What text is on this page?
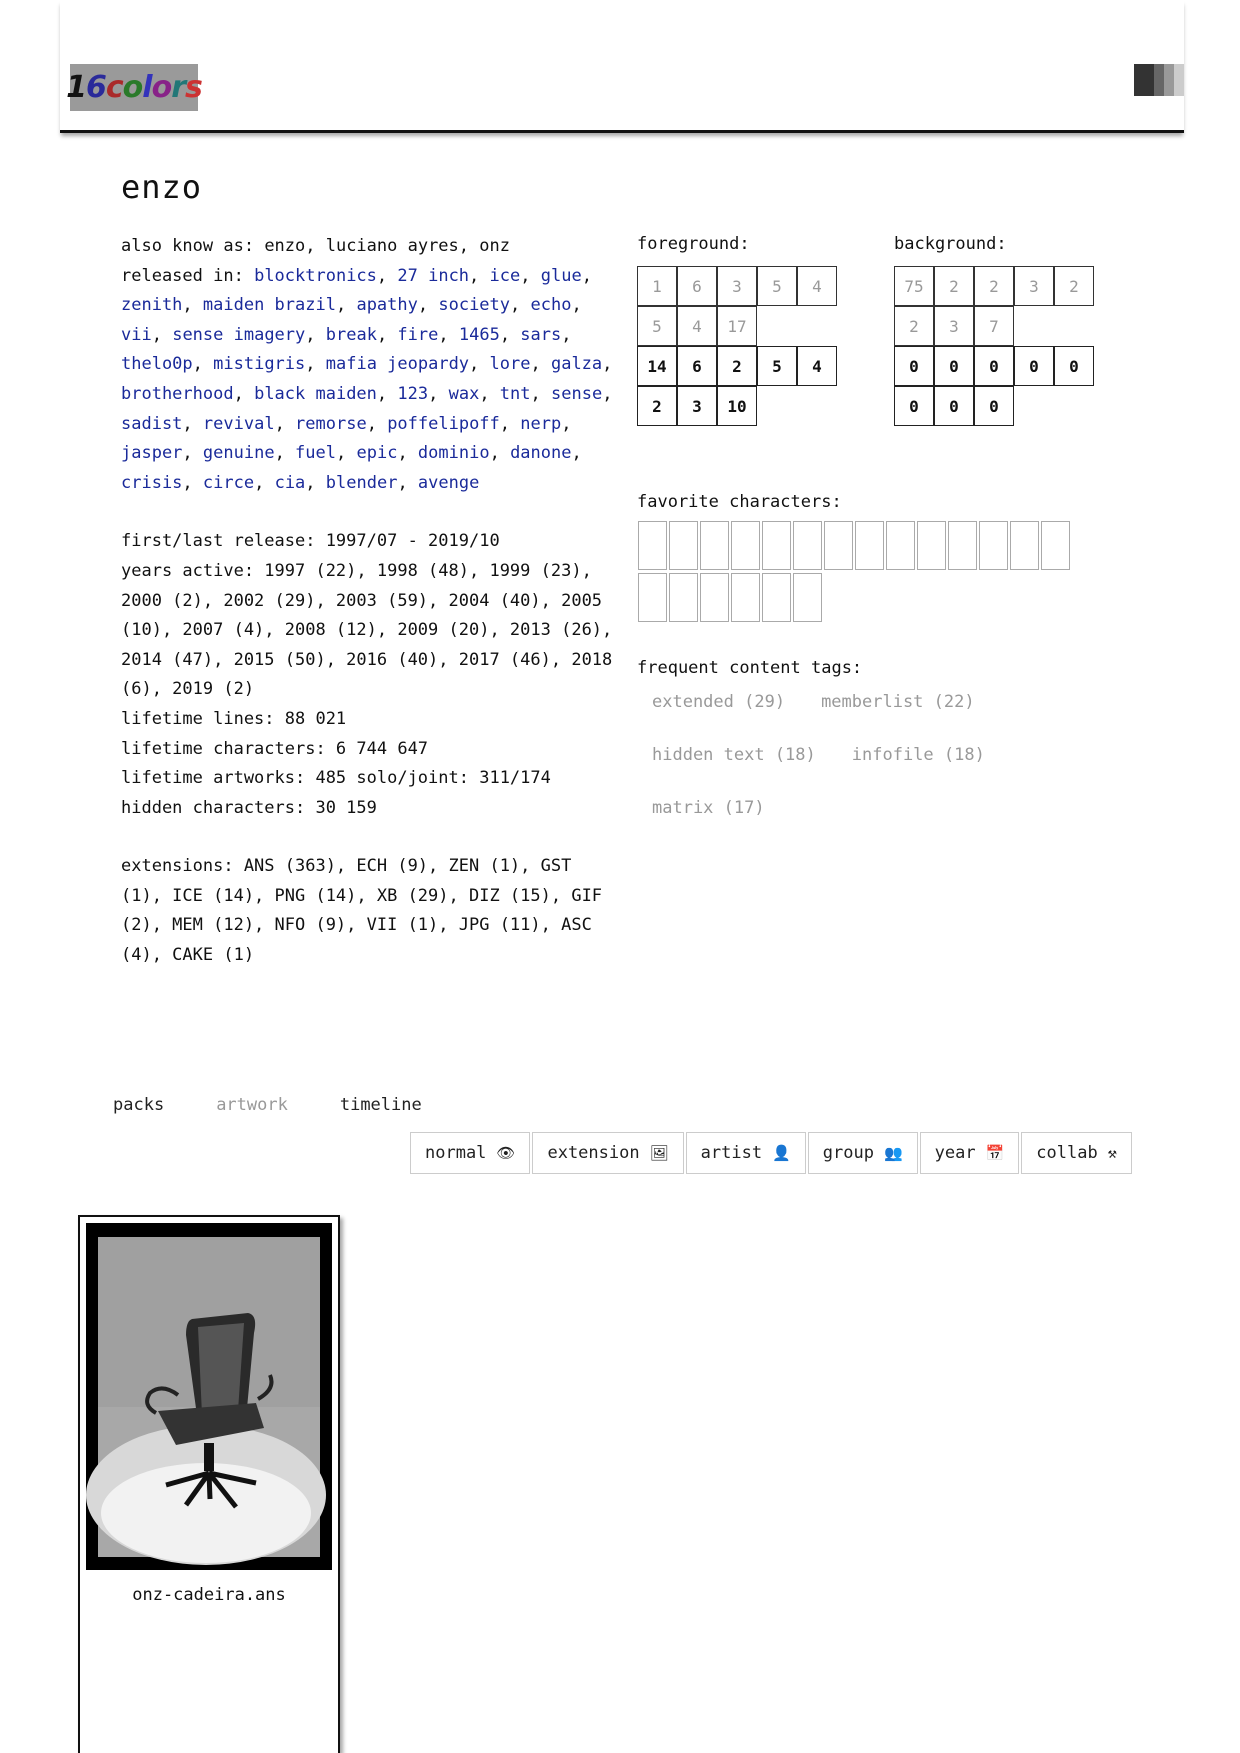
1 6 c o l o r s
enzo
also know as: enzo, luciano ayres, onz
released in: blocktronics, 27 inch, ice, glue, zenith, maiden brazil, apathy, society, echo, vii, sense imagery, break, fire, 1465, sars, thelo0p, mistigris, mafia jeopardy, lore, galza, brotherhood, black maiden, 123, wax, tnt, sense, sadist, revival, remorse, poffelipoff, nerp, jasper, genuine, fuel, epic, dominio, danone, crisis, circe, cia, blender, avenge
first/last release: 1997/07 - 2019/10
years active: 1997 (22), 1998 (48), 1999 (23), 2000 (2), 2002 (29), 2003 (59), 2004 (40), 2005 (10), 2007 (4), 2008 (12), 2009 (20), 2013 (26), 2014 (47), 2015 (50), 2016 (40), 2017 (46), 2018 (6), 2019 (2)
lifetime lines: 88 021
lifetime characters: 6 744 647
lifetime artworks: 485 solo/joint: 311/174
hidden characters: 30 159
extensions: ANS (363), ECH (9), ZEN (1), GST (1), ICE (14), PNG (14), XB (29), DIZ (15), GIF (2), MEM (12), NFO (9), VII (1), JPG (11), ASC (4), CAKE (1)
foreground:
1	6	3	5	4
5	4	17
14	6	2	5	4
2	3	10
background:
75	2	2	3	2
2	3	7
0	0	0	0	0
0	0	0
favorite characters:
frequent content tags:
extended (29) memberlist (22)hidden text (18) infofile (18)matrix (17)
packs	artwork	timeline
normal 👁 extension 🖼 artist 👤 group 👥 year 📅 collab ⚒
onz-cadeira.ans
